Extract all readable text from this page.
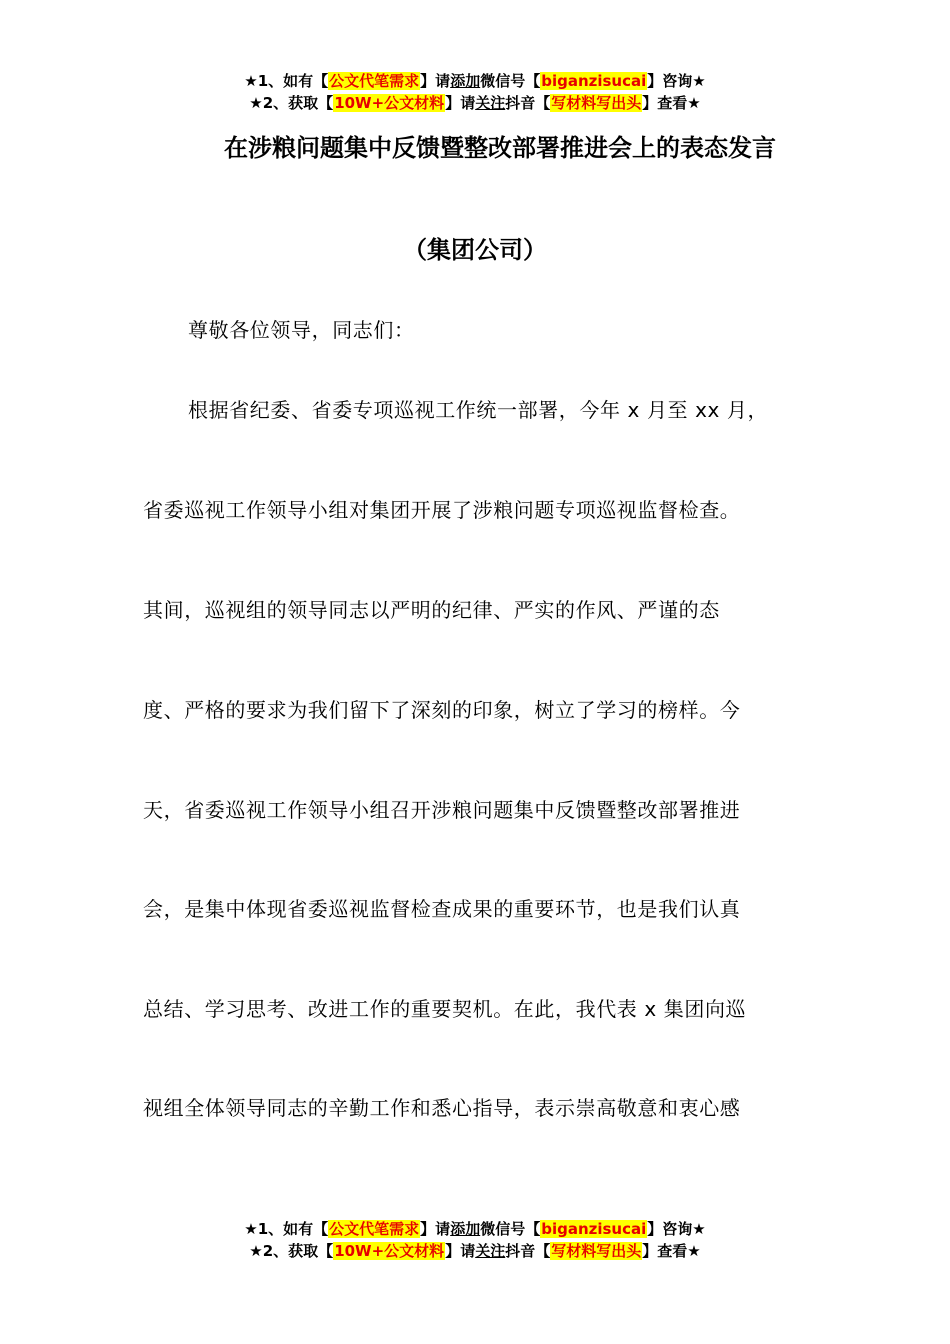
★1、如有【公文代笔需求】请添加微信号【biganzisucai】咨询★
★2、获取【10W+公文材料】请关注抖音【写材料写出头】查看★
在涉粮问题集中反馈暨整改部署推进会上的表态发言
（集团公司）
尊敬各位领导，同志们：
根据省纪委、省委专项巡视工作统一部署，今年 x 月至 xx 月，
省委巡视工作领导小组对集团开展了涉粮问题专项巡视监督检查。
其间，巡视组的领导同志以严明的纪律、严实的作风、严谨的态
度、严格的要求为我们留下了深刻的印象，树立了学习的榜样。今
天，省委巡视工作领导小组召开涉粮问题集中反馈暨整改部署推进
会，是集中体现省委巡视监督检查成果的重要环节，也是我们认真
总结、学习思考、改进工作的重要契机。在此，我代表 x 集团向巡
视组全体领导同志的辛勤工作和悉心指导，表示崇高敬意和衷心感
★1、如有【公文代笔需求】请添加微信号【biganzisucai】咨询★
★2、获取【10W+公文材料】请关注抖音【写材料写出头】查看★
